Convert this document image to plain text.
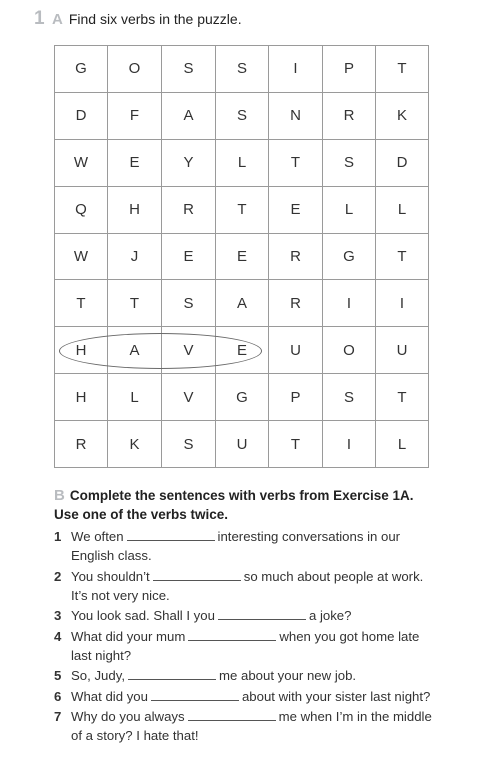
1 A Find six verbs in the puzzle.
G	O	S	S	I	P	T
D	F	A	S	N	R	K
W	E	Y	L	T	S	D
Q	H	R	T	E	L	L
W	J	E	E	R	G	T
T	T	S	A	R	I	I
H	A	V	E	U	O	U
H	L	V	G	P	S	T
R	K	S	U	T	I	L
B Complete the sentences with verbs from Exercise 1A.
Use one of the verbs twice.
1 We often	interesting conversations in our
English class.
2 You shouldn’t	so much about people at work.
It’s not very nice.
3 You look sad. Shall I you	a joke?
4 What did your mum	when you got home late
last night?
5 So, Judy,	me about your new job.
6 What did you	about with your sister last night?
7 Why do you always	me when I’m in the middle
of a story? I hate that!
